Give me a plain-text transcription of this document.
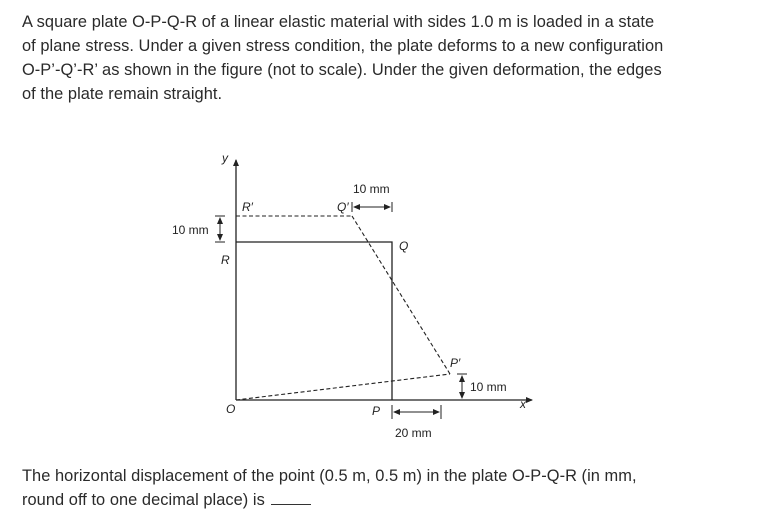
A square plate O-P-Q-R of a linear elastic material with sides 1.0 m is loaded in a state
of plane stress. Under a given stress condition, the plate deforms to a new configuration
O-P’-Q’-R’ as shown in the figure (not to scale). Under the given deformation, the edges
of the plate remain straight.

y
x
O
R
R′
Q
Q′
P
P′
10 mm
10 mm
10 mm
20 mm

The horizontal displacement of the point (0.5 m, 0.5 m) in the plate O-P-Q-R (in mm,
round off to one decimal place) is
